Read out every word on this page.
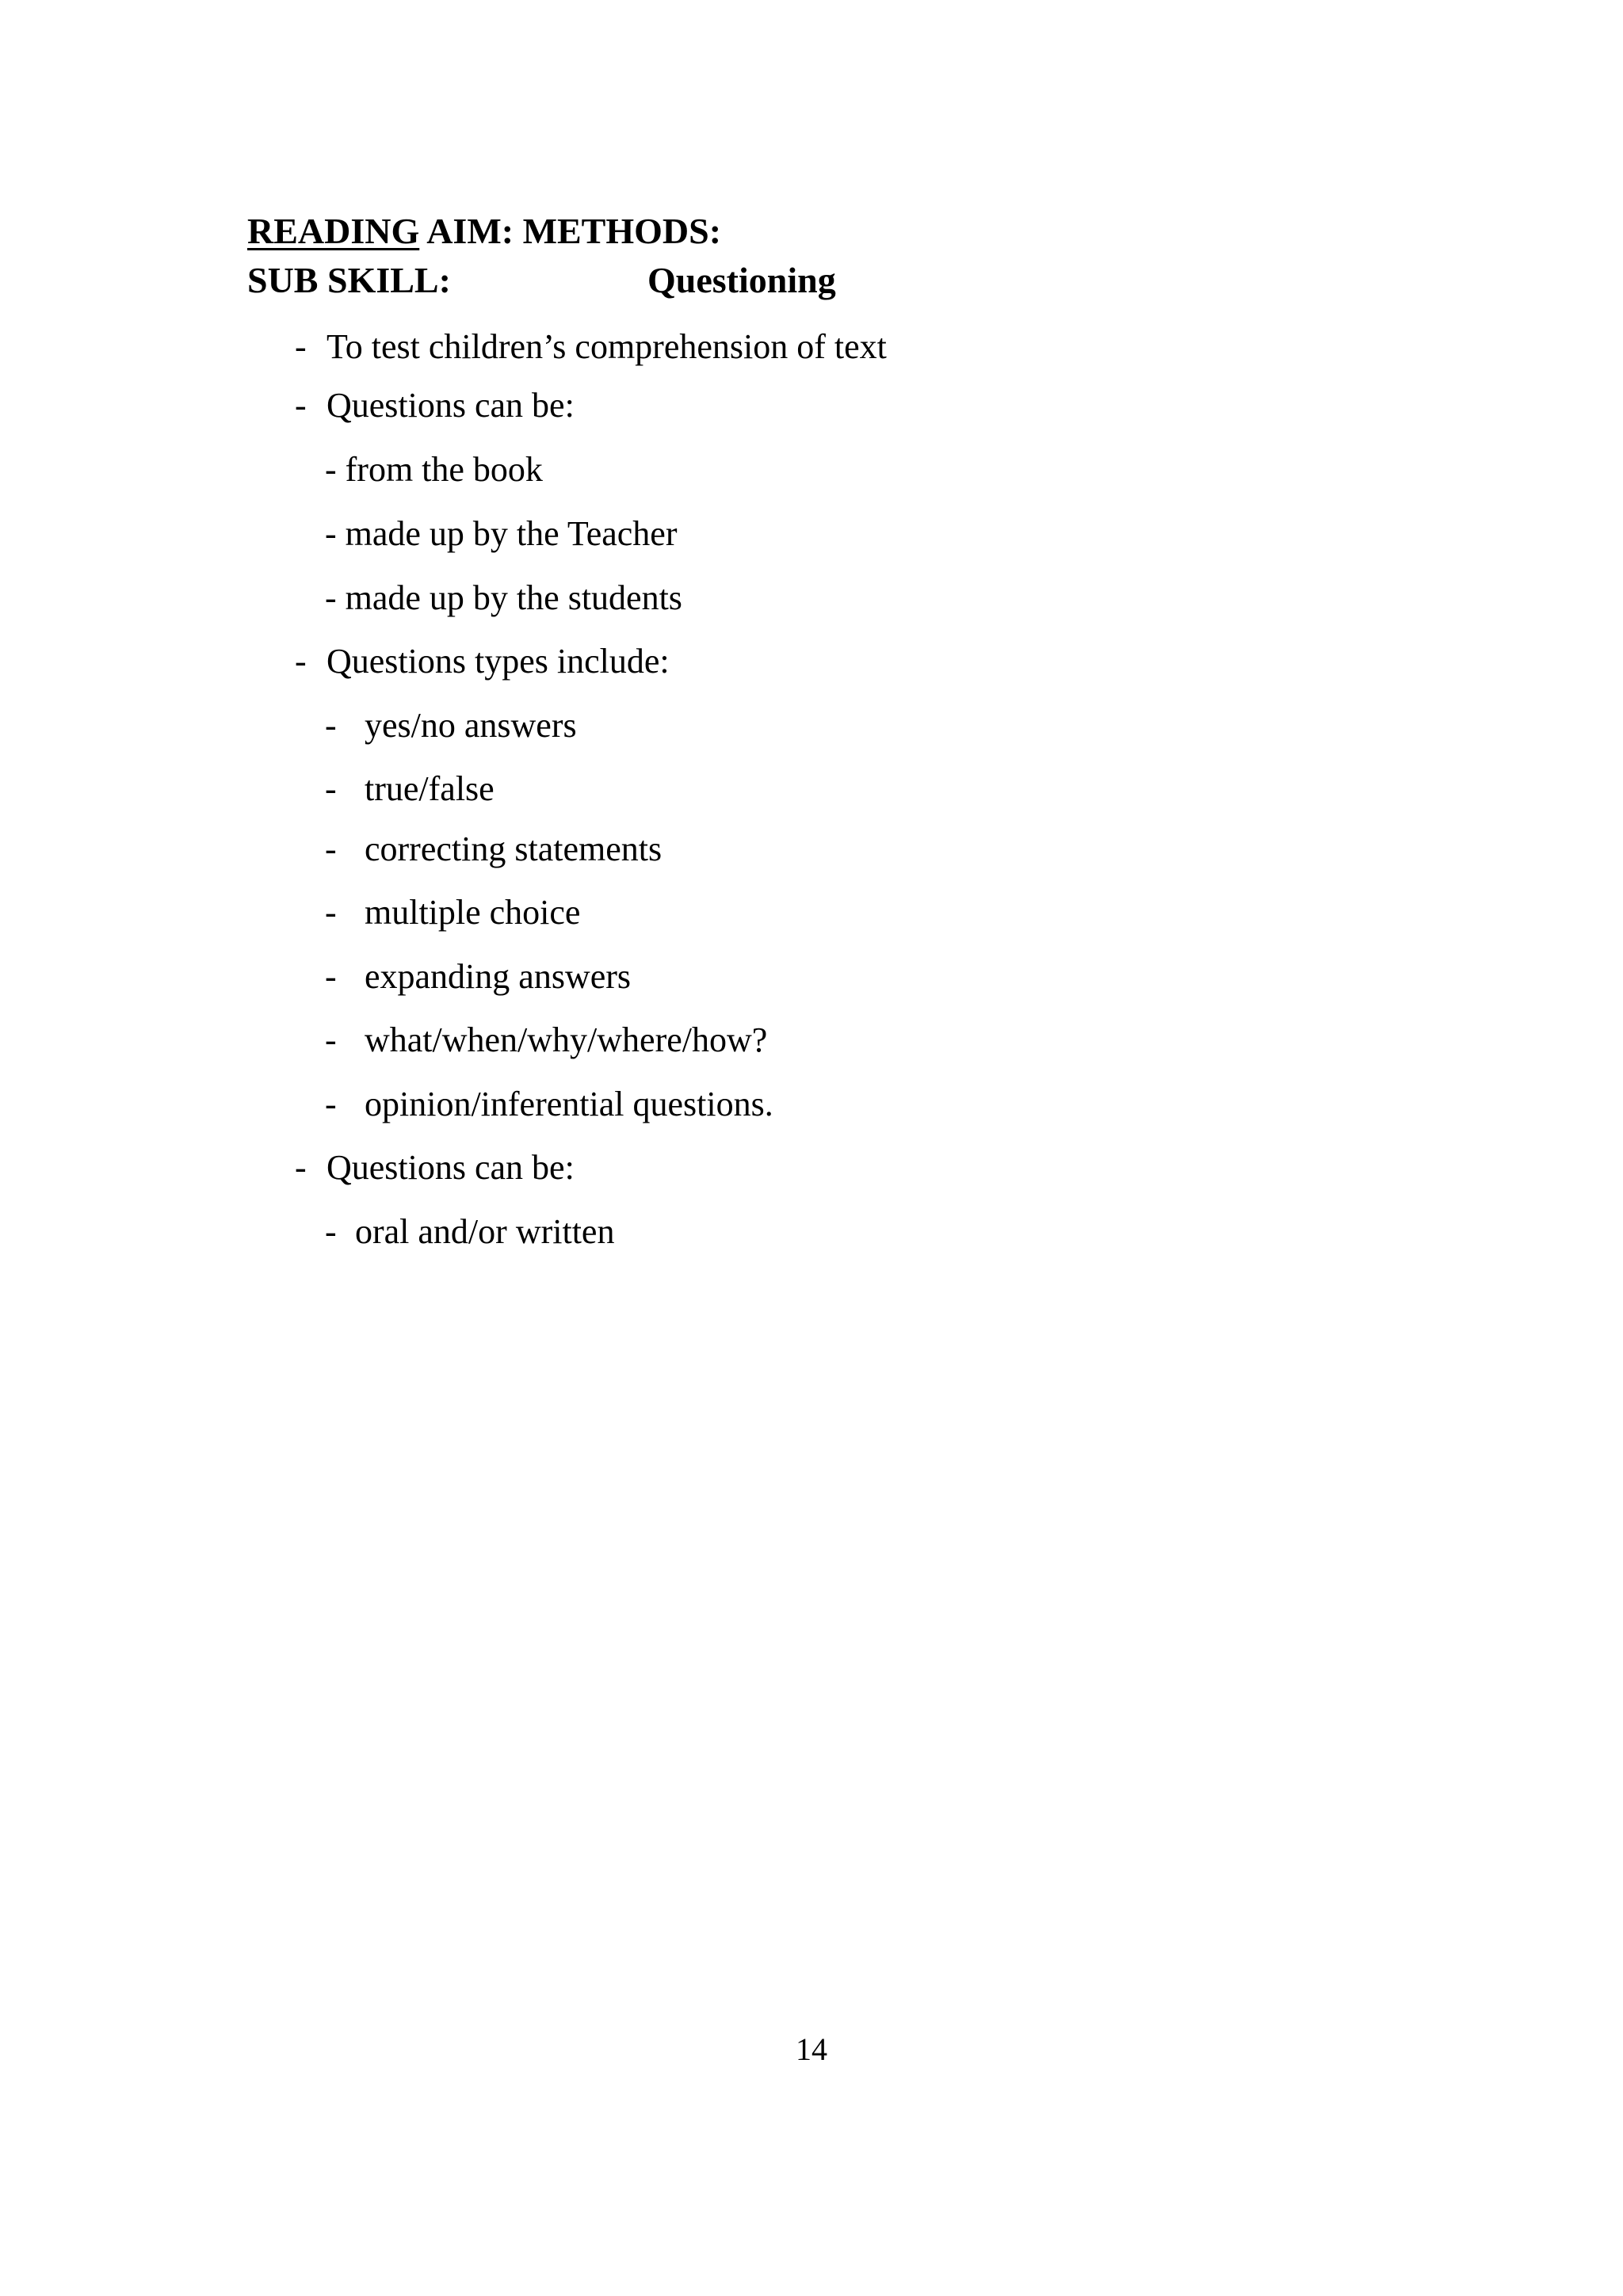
READING AIM: METHODS:
SUB SKILL:	Questioning
- To test children’s comprehension of text
- Questions can be:
- from the book
- made up by the Teacher
- made up by the students
- Questions types include:
- yes/no answers
- true/false
- correcting statements
- multiple choice
- expanding answers
- what/when/why/where/how?
- opinion/inferential questions.
- Questions can be:
- oral and/or written
14
